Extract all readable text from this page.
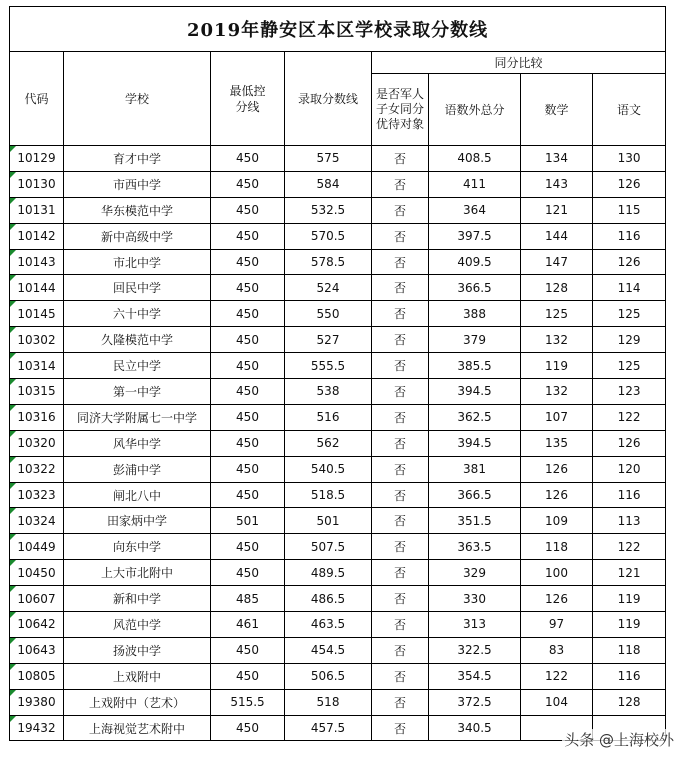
2019年静安区本区学校录取分数线							
代码	学校	最低控分线	录取分数线	同分比较			
				是否军人子女同分优待对象	语数外总分	数学	语文
10129	育才中学	450	575	否	408.5	134	130
10130	市西中学	450	584	否	411	143	126
10131	华东模范中学	450	532.5	否	364	121	115
10142	新中高级中学	450	570.5	否	397.5	144	116
10143	市北中学	450	578.5	否	409.5	147	126
10144	回民中学	450	524	否	366.5	128	114
10145	六十中学	450	550	否	388	125	125
10302	久隆模范中学	450	527	否	379	132	129
10314	民立中学	450	555.5	否	385.5	119	125
10315	第一中学	450	538	否	394.5	132	123
10316	同济大学附属七一中学	450	516	否	362.5	107	122
10320	风华中学	450	562	否	394.5	135	126
10322	彭浦中学	450	540.5	否	381	126	120
10323	闸北八中	450	518.5	否	366.5	126	116
10324	田家炳中学	501	501	否	351.5	109	113
10449	向东中学	450	507.5	否	363.5	118	122
10450	上大市北附中	450	489.5	否	329	100	121
10607	新和中学	485	486.5	否	330	126	119
10642	风范中学	461	463.5	否	313	97	119
10643	扬波中学	450	454.5	否	322.5	83	118
10805	上戏附中	450	506.5	否	354.5	122	116
19380	上戏附中（艺术）	515.5	518	否	372.5	104	128
19432	上海视觉艺术附中	450	457.5	否	340.5		
头条 @上海校外
